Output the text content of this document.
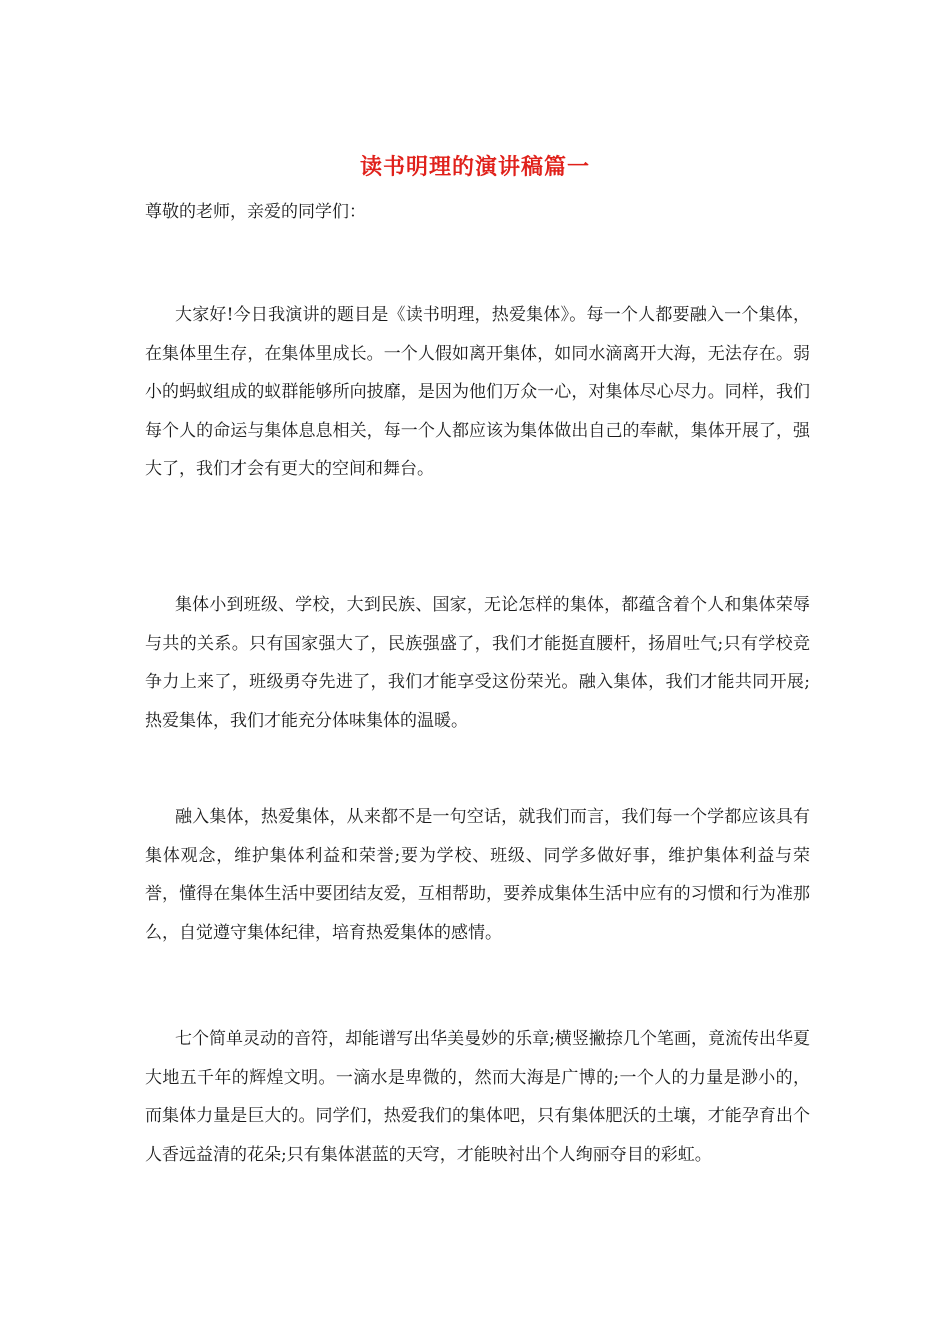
读书明理的演讲稿篇一
尊敬的老师，亲爱的同学们：

大家好!今日我演讲的题目是《读书明理，热爱集体》。每一个人都要融入一个集体，在集体里生存，在集体里成长。一个人假如离开集体，如同水滴离开大海，无法存在。弱小的蚂蚁组成的蚁群能够所向披靡，是因为他们万众一心，对集体尽心尽力。同样，我们每个人的命运与集体息息相关，每一个人都应该为集体做出自己的奉献，集体开展了，强大了，我们才会有更大的空间和舞台。

集体小到班级、学校，大到民族、国家，无论怎样的集体，都蕴含着个人和集体荣辱与共的关系。只有国家强大了，民族强盛了，我们才能挺直腰杆，扬眉吐气;只有学校竞争力上来了，班级勇夺先进了，我们才能享受这份荣光。融入集体，我们才能共同开展;热爱集体，我们才能充分体味集体的温暖。

融入集体，热爱集体，从来都不是一句空话，就我们而言，我们每一个学都应该具有集体观念，维护集体利益和荣誉;要为学校、班级、同学多做好事，维护集体利益与荣誉，懂得在集体生活中要团结友爱，互相帮助，要养成集体生活中应有的习惯和行为准那么，自觉遵守集体纪律，培育热爱集体的感情。

七个简单灵动的音符，却能谱写出华美曼妙的乐章;横竖撇捺几个笔画，竟流传出华夏大地五千年的辉煌文明。一滴水是卑微的，然而大海是广博的;一个人的力量是渺小的，而集体力量是巨大的。同学们，热爱我们的集体吧，只有集体肥沃的土壤，才能孕育出个人香远益清的花朵;只有集体湛蓝的天穹，才能映衬出个人绚丽夺目的彩虹。
